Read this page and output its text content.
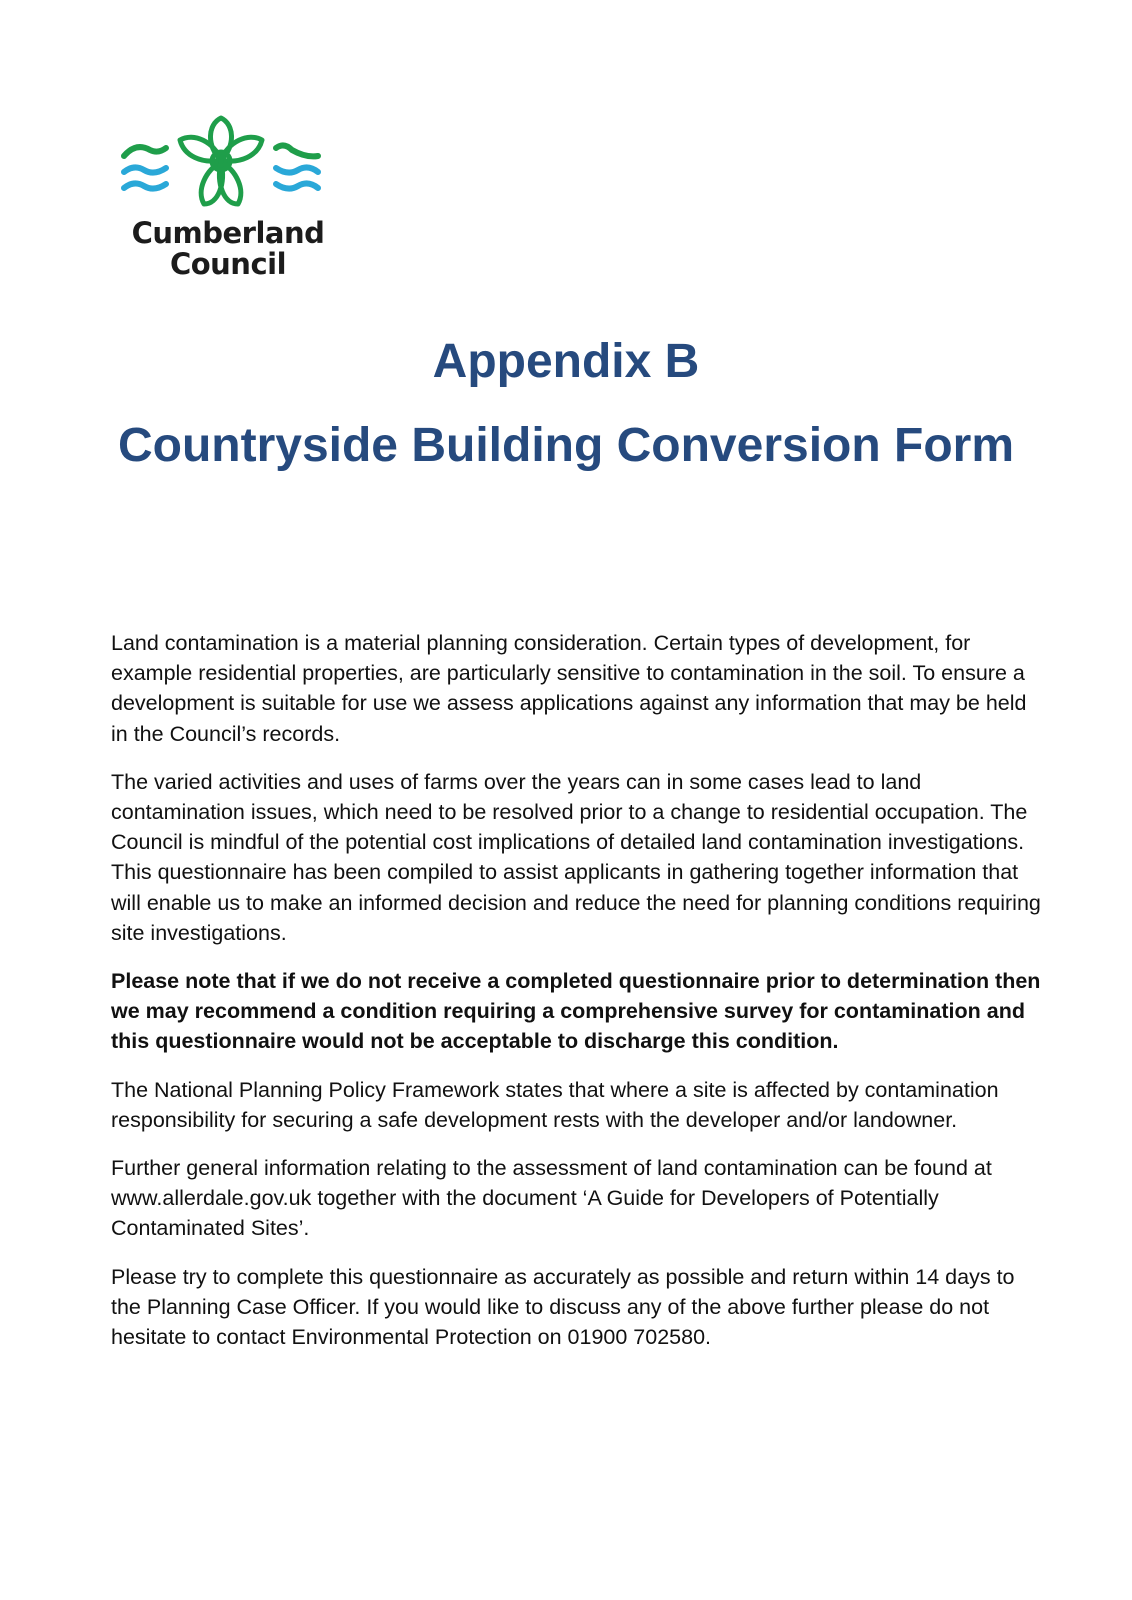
Cumberland
Council
Appendix B
Countryside Building Conversion Form

Land contamination is a material planning consideration. Certain types of development, for example residential properties, are particularly sensitive to contamination in the soil. To ensure a development is suitable for use we assess applications against any information that may be held in the Council’s records.

The varied activities and uses of farms over the years can in some cases lead to land contamination issues, which need to be resolved prior to a change to residential occupation. The Council is mindful of the potential cost implications of detailed land contamination investigations. This questionnaire has been compiled to assist applicants in gathering together information that will enable us to make an informed decision and reduce the need for planning conditions requiring site investigations.

Please note that if we do not receive a completed questionnaire prior to determination then we may recommend a condition requiring a comprehensive survey for contamination and this questionnaire would not be acceptable to discharge this condition.

The National Planning Policy Framework states that where a site is affected by contamination responsibility for securing a safe development rests with the developer and/or landowner.

Further general information relating to the assessment of land contamination can be found at www.allerdale.gov.uk together with the document ‘A Guide for Developers of Potentially Contaminated Sites’.

Please try to complete this questionnaire as accurately as possible and return within 14 days to the Planning Case Officer. If you would like to discuss any of the above further please do not hesitate to contact Environmental Protection on 01900 702580.
